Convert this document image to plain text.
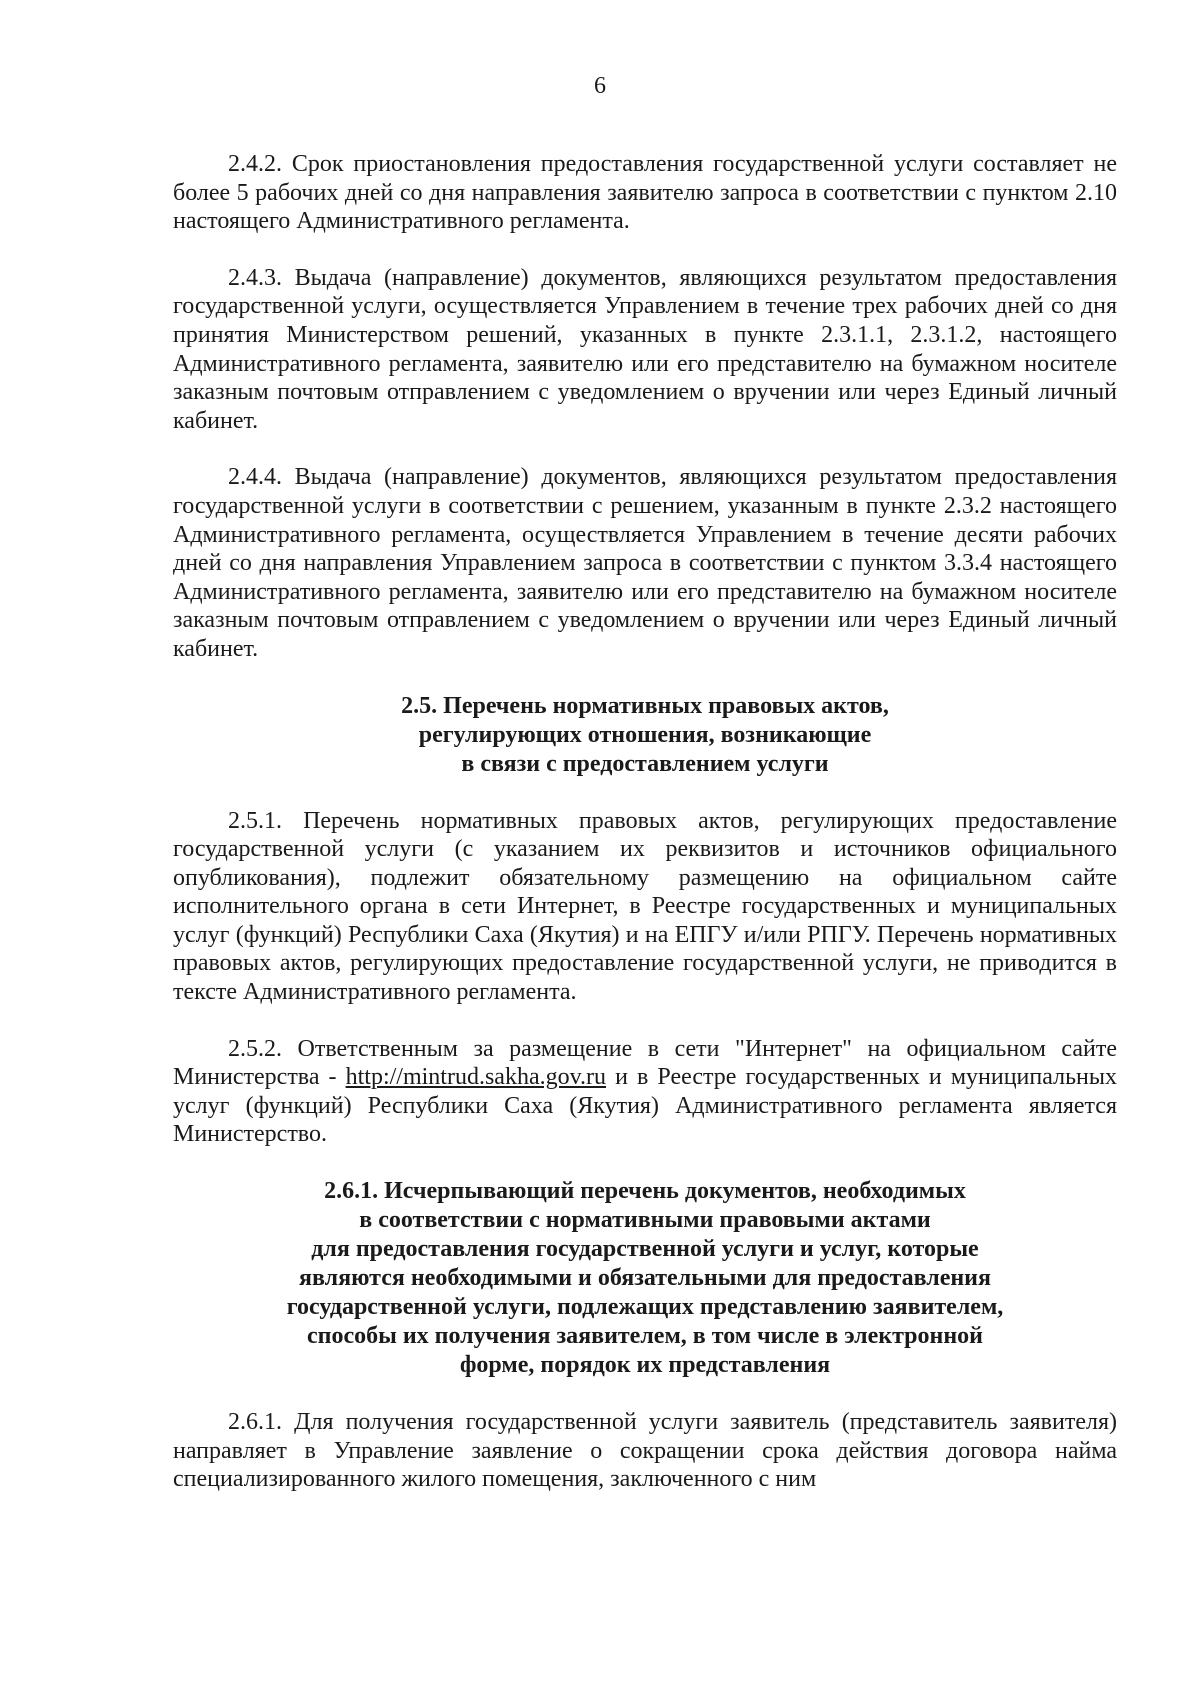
6

2.4.2. Срок приостановления предоставления государственной услуги составляет не более 5 рабочих дней со дня направления заявителю запроса в соответствии с пунктом 2.10 настоящего Административного регламента.

2.4.3. Выдача (направление) документов, являющихся результатом предоставления государственной услуги, осуществляется Управлением в течение трех рабочих дней со дня принятия Министерством решений, указанных в пункте 2.3.1.1, 2.3.1.2, настоящего Административного регламента, заявителю или его представителю на бумажном носителе заказным почтовым отправлением с уведомлением о вручении или через Единый личный кабинет.

2.4.4. Выдача (направление) документов, являющихся результатом предоставления государственной услуги в соответствии с решением, указанным в пункте 2.3.2 настоящего Административного регламента, осуществляется Управлением в течение десяти рабочих дней со дня направления Управлением запроса в соответствии с пунктом 3.3.4 настоящего Административного регламента, заявителю или его представителю на бумажном носителе заказным почтовым отправлением с уведомлением о вручении или через Единый личный кабинет.

2.5. Перечень нормативных правовых актов,
регулирующих отношения, возникающие
в связи с предоставлением услуги

2.5.1. Перечень нормативных правовых актов, регулирующих предоставление государственной услуги (с указанием их реквизитов и источников официального опубликования), подлежит обязательному размещению на официальном сайте исполнительного органа в сети Интернет, в Реестре государственных и муниципальных услуг (функций) Республики Саха (Якутия) и на ЕПГУ и/или РПГУ. Перечень нормативных правовых актов, регулирующих предоставление государственной услуги, не приводится в тексте Административного регламента.

2.5.2. Ответственным за размещение в сети "Интернет" на официальном сайте Министерства - http://mintrud.sakha.gov.ru и в Реестре государственных и муниципальных услуг (функций) Республики Саха (Якутия) Административного регламента является Министерство.

2.6.1. Исчерпывающий перечень документов, необходимых
в соответствии с нормативными правовыми актами
для предоставления государственной услуги и услуг, которые
являются необходимыми и обязательными для предоставления
государственной услуги, подлежащих представлению заявителем,
способы их получения заявителем, в том числе в электронной
форме, порядок их представления

2.6.1. Для получения государственной услуги заявитель (представитель заявителя) направляет в Управление заявление о сокращении срока действия договора найма специализированного жилого помещения, заключенного с ним
